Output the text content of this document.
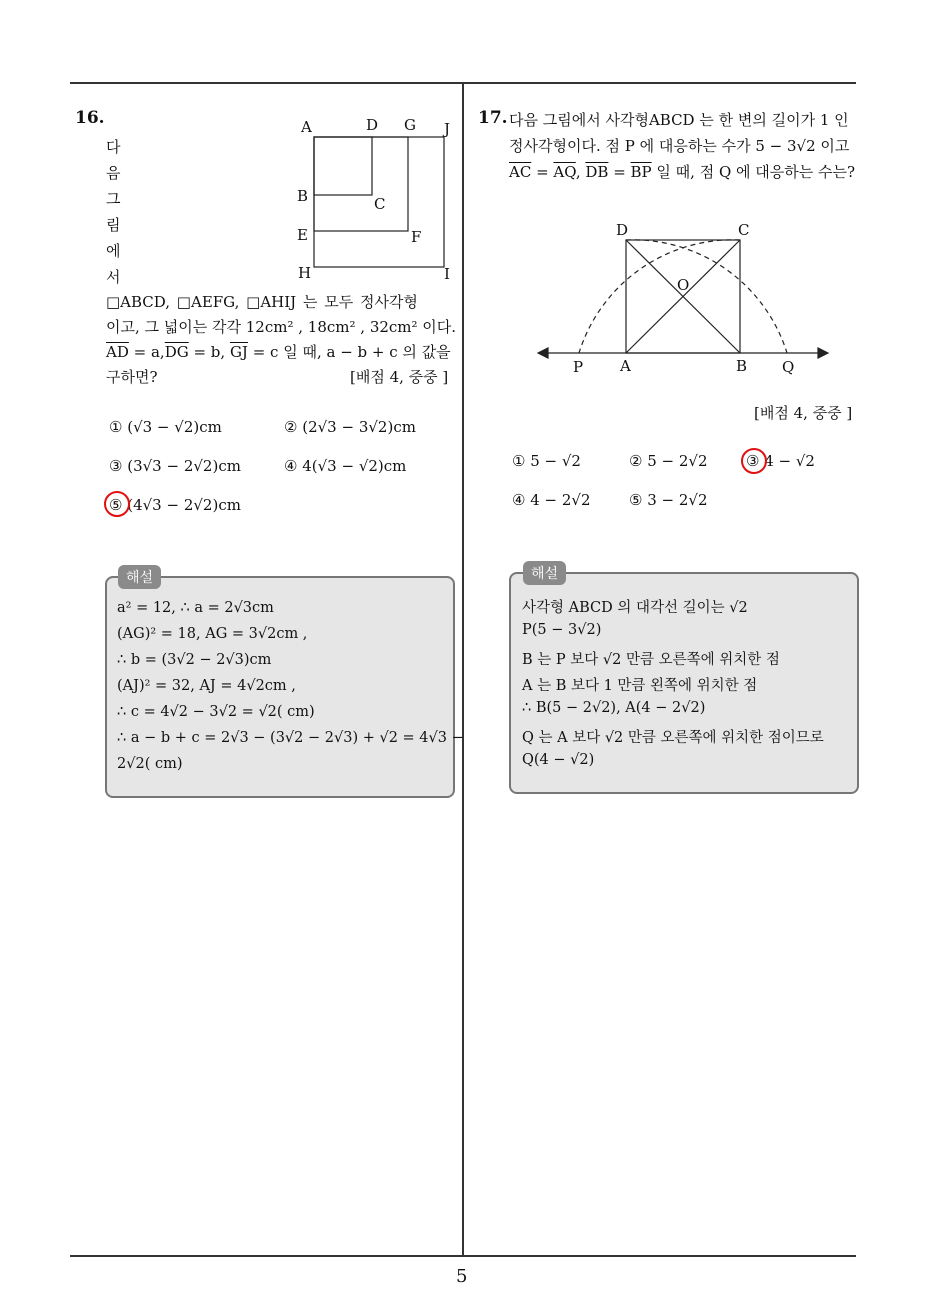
5
16.
다
음
그
림
에
서
A	D G J
B	C
E	F
H	I
□ABCD, □AEFG, □AHIJ 는 모두 정사각형
이고, 그 넓이는 각각 12cm² , 18cm² , 32cm² 이다.
$\overline{AD} = a,\overline{DG} = b$, $\overline{GJ} = c$ 일 때, a − b + c 의 값을
구하면?	[배점 4, 중중 ]
① (√3 − √2)cm	② (2√3 − 3√2)cm
③ (3√3 − 2√2)cm	④ 4(√3 − √2)cm
⑤ (4√3 − 2√2)cm
해설
a² = 12, ∴ a = 2√3cm
(AG)² = 18, AG = 3√2cm ,
∴ b = (3√2 − 2√3)cm
(AJ)² = 32, AJ = 4√2cm ,
∴ c = 4√2 − 3√2 = √2( cm)
∴ a − b + c = 2√3 − (3√2 − 2√3) + √2 = 4√3 −
2√2( cm)
17. 다음 그림에서 사각형ABCD 는 한 변의 길이가 1 인
정사각형이다. 점 P 에 대응하는 수가 5 − 3√2 이고
$\overline{AC} = \overline{AQ}$, $\overline{DB} = \overline{BP}$ 일 때, 점 Q 에 대응하는 수는?
D	C
O
P A	B Q
[배점 4, 중중 ]
① 5 − √2	② 5 − 2√2	③ 4 − √2
④ 4 − 2√2	⑤ 3 − 2√2
해설
사각형 ABCD 의 대각선 길이는 √2
P(5 − 3√2)
B 는 P 보다 √2 만큼 오른쪽에 위치한 점
A 는 B 보다 1 만큼 왼쪽에 위치한 점
∴ B(5 − 2√2), A(4 − 2√2)
Q 는 A 보다 √2 만큼 오른쪽에 위치한 점이므로
Q(4 − √2)
